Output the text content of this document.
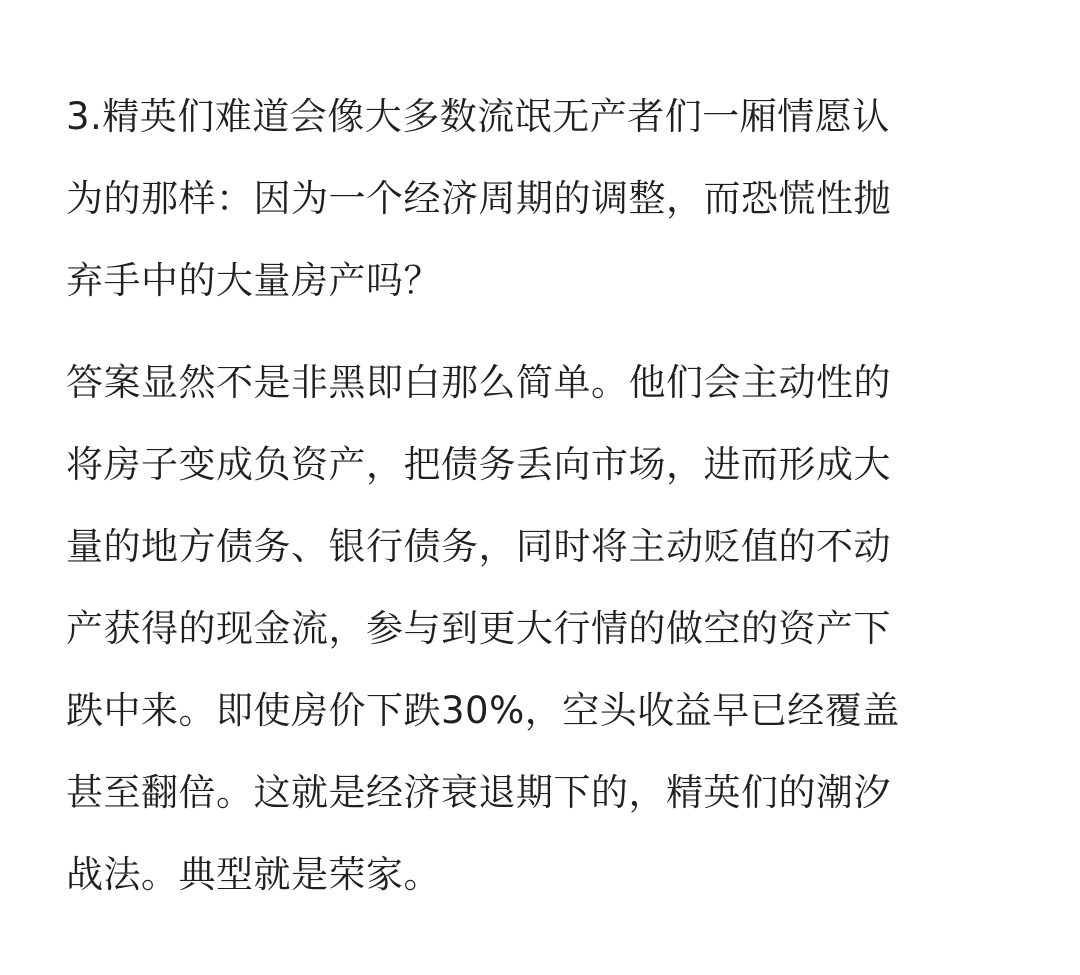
3.精英们难道会像大多数流氓无产者们一厢情愿认
为的那样：因为一个经济周期的调整，而恐慌性抛
弃手中的大量房产吗？

答案显然不是非黑即白那么简单。他们会主动性的
将房子变成负资产，把债务丢向市场，进而形成大
量的地方债务、银行债务，同时将主动贬值的不动
产获得的现金流，参与到更大行情的做空的资产下
跌中来。即使房价下跌30%，空头收益早已经覆盖
甚至翻倍。这就是经济衰退期下的，精英们的潮汐
战法。典型就是荣家。
